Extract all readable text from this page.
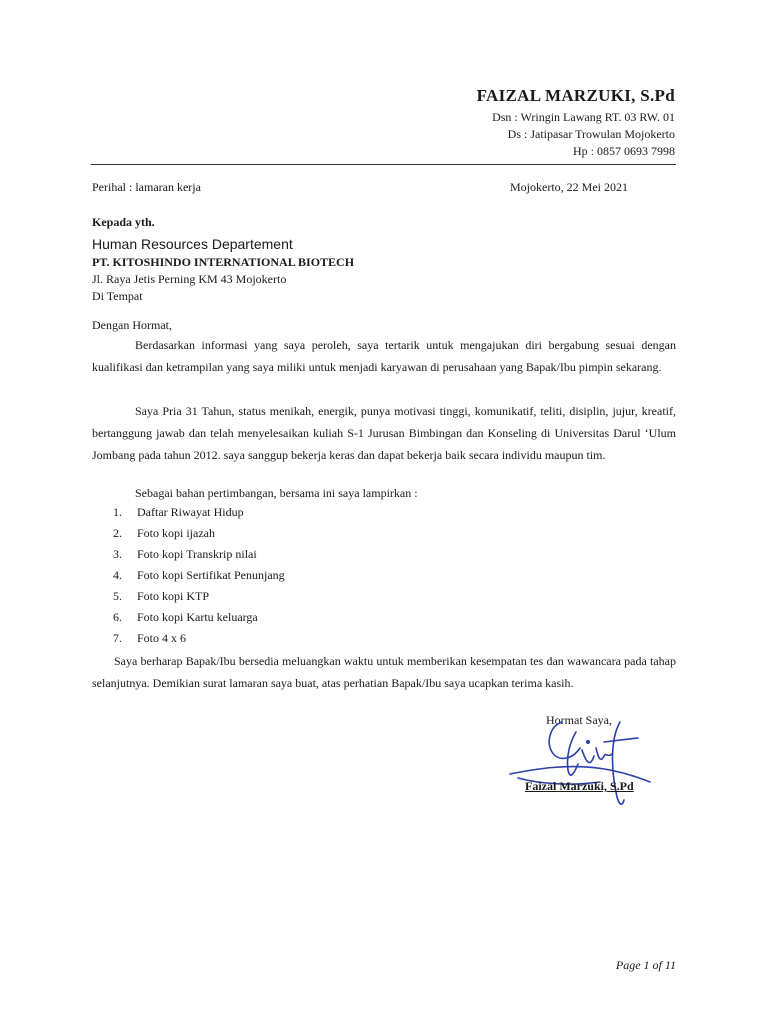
FAIZAL MARZUKI, S.Pd
Dsn : Wringin Lawang RT. 03 RW. 01
Ds : Jatipasar Trowulan Mojokerto
Hp : 0857 0693 7998
Perihal : lamaran kerja	Mojokerto, 22 Mei 2021
Kepada yth.
Human Resources Departement
PT. KITOSHINDO INTERNATIONAL BIOTECH
Jl. Raya Jetis Perning KM 43 Mojokerto
Di Tempat
Dengan Hormat,

Berdasarkan informasi yang saya peroleh, saya tertarik untuk mengajukan diri bergabung sesuai dengan kualifikasi dan ketrampilan yang saya miliki untuk menjadi karyawan di perusahaan yang Bapak/Ibu pimpin sekarang.

Saya Pria 31 Tahun, status menikah, energik, punya motivasi tinggi, komunikatif, teliti, disiplin, jujur, kreatif, bertanggung jawab dan telah menyelesaikan kuliah S-1 Jurusan Bimbingan dan Konseling di Universitas Darul ‘Ulum Jombang pada tahun 2012. saya sanggup bekerja keras dan dapat bekerja baik secara individu maupun tim.

Sebagai bahan pertimbangan, bersama ini saya lampirkan :

1. Daftar Riwayat Hidup
2. Foto kopi ijazah
3. Foto kopi Transkrip nilai
4. Foto kopi Sertifikat Penunjang
5. Foto kopi KTP
6. Foto kopi Kartu keluarga
7. Foto 4 x 6

Saya berharap Bapak/Ibu bersedia meluangkan waktu untuk memberikan kesempatan tes dan wawancara pada tahap selanjutnya. Demikian surat lamaran saya buat, atas perhatian Bapak/Ibu saya ucapkan terima kasih.

Hormat Saya,
Faizal Marzuki, S.Pd
Page 1 of 11
